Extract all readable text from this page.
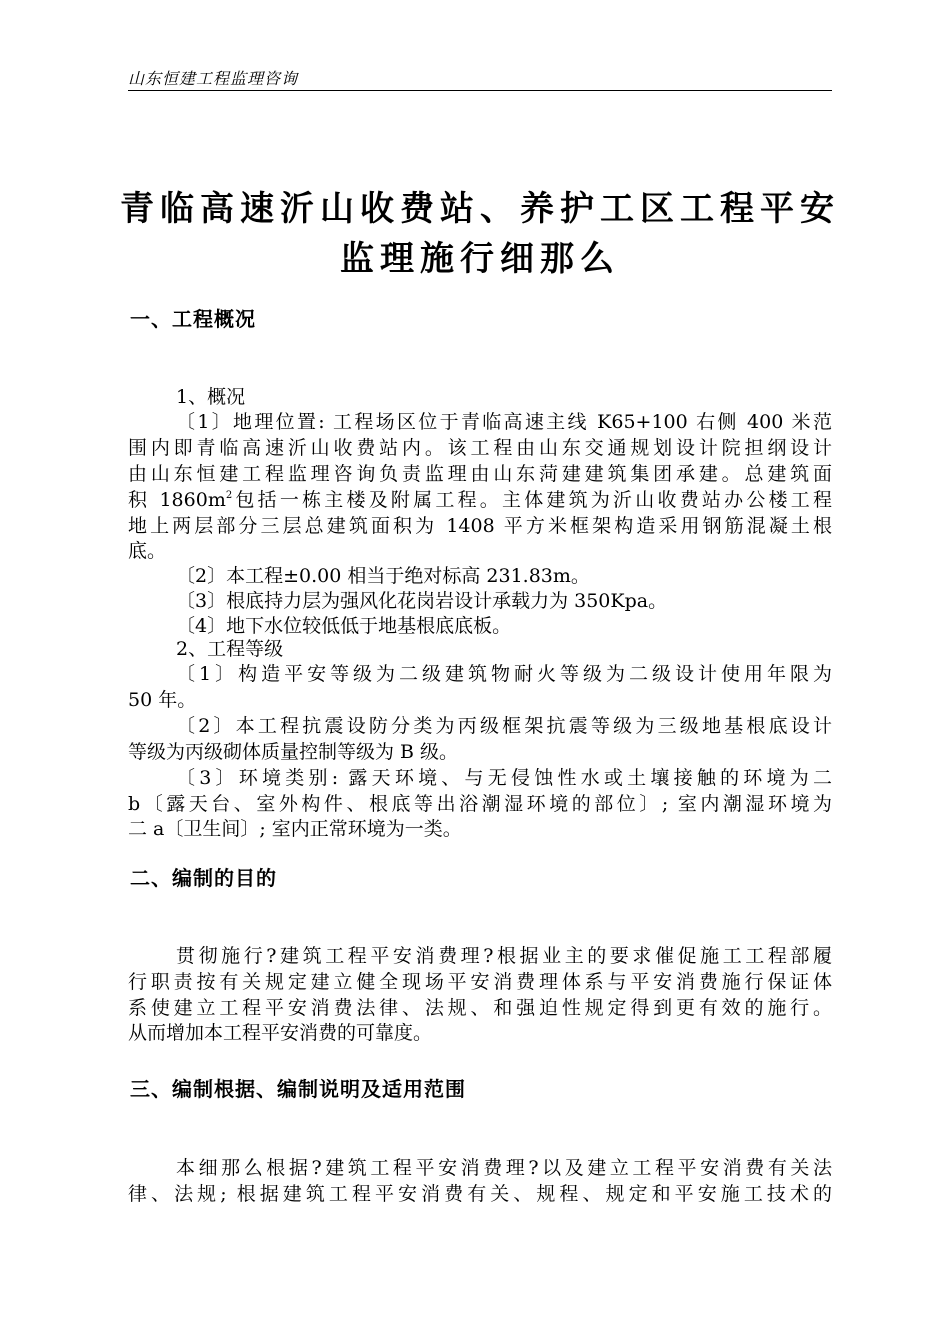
山东恒建工程监理咨询
青临高速沂山收费站、养护工区工程平安
监理施行细那么
一、工程概况
1、概况
〔1〕地理位置: 工程场区位于青临高速主线 K65+100 右侧 400 米范
围内即青临高速沂山收费站内。该工程由山东交通规划设计院担纲设计
由山东恒建工程监理咨询负责监理由山东菏建建筑集团承建。总建筑面
积 $1860m^2$包括一栋主楼及附属工程。主体建筑为沂山收费站办公楼工程
地上两层部分三层总建筑面积为 1408 平方米框架构造采用钢筋混凝土根
底。
〔2〕本工程±0.00 相当于绝对标高 231.83m。
〔3〕根底持力层为强风化花岗岩设计承载力为 350Kpa。
〔4〕地下水位较低低于地基根底底板。
2、工程等级
〔1〕构造平安等级为二级建筑物耐火等级为二级设计使用年限为
50 年。
〔2〕本工程抗震设防分类为丙级框架抗震等级为三级地基根底设计
等级为丙级砌体质量控制等级为 B 级。
〔3〕环境类别: 露天环境、与无侵蚀性水或土壤接触的环境为二
b〔露天台、室外构件、根底等出浴潮湿环境的部位〕; 室内潮湿环境为
二 a〔卫生间〕; 室内正常环境为一类。
二、编制的目的
贯彻施行?建筑工程平安消费理?根据业主的要求催促施工工程部履
行职责按有关规定建立健全现场平安消费理体系与平安消费施行保证体
系使建立工程平安消费法律、法规、和强迫性规定得到更有效的施行。
从而增加本工程平安消费的可靠度。
三、编制根据、编制说明及适用范围
本细那么根据?建筑工程平安消费理?以及建立工程平安消费有关法
律、法规; 根据建筑工程平安消费有关、规程、规定和平安施工技术的
